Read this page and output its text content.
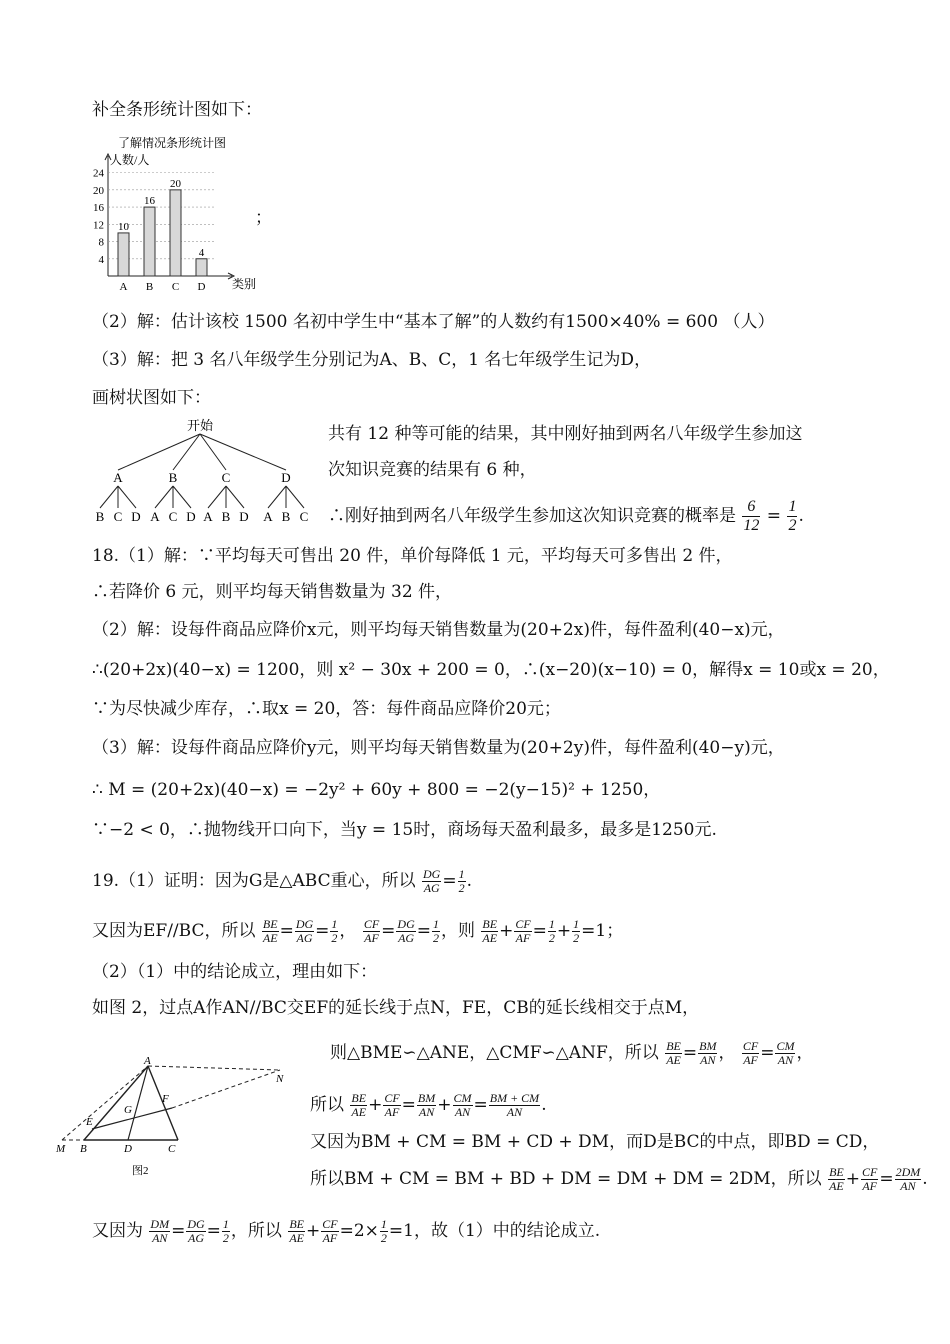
补全条形统计图如下：
了解情况条形统计图
人数/人
类别
4
8
12
16
20
24
10
A
16
B
20
C
4
D
；
（2）解：估计该校 1500 名初中学生中“基本了解”的人数约有1500×40% = 600 （人）
（3）解：把 3 名八年级学生分别记为A、B、C，1 名七年级学生记为D，
画树状图如下：
开始
A
B C D
B
A C D
C
A B D
D
A B C
共有 12 种等可能的结果，其中刚好抽到两名八年级学生参加这
次知识竞赛的结果有 6 种，
∴刚好抽到两名八年级学生参加这次知识竞赛的概率是 $\frac{6}{12} = \frac{1}{2}$ .
18.（1）解：∵平均每天可售出 20 件，单价每降低 1 元，平均每天可多售出 2 件，
∴若降价 6 元，则平均每天销售数量为 32 件，
（2）解：设每件商品应降价x元，则平均每天销售数量为(20+2x)件，每件盈利(40−x)元，
∴(20+2x)(40−x) = 1200，则 x² − 30x + 200 = 0，∴(x−20)(x−10) = 0，解得x = 10或x = 20，
∵为尽快减少库存，∴取x = 20，答：每件商品应降价20元；
（3）解：设每件商品应降价y元，则平均每天销售数量为(20+2y)件，每件盈利(40−y)元，
∴ M = (20+2x)(40−x) = −2y² + 60y + 800 = −2(y−15)² + 1250，
∵−2 < 0，∴抛物线开口向下，当y = 15时，商场每天盈利最多，最多是1250元.
19.（1）证明：因为G是△ABC重心，所以 $\frac{DG}{AG} = \frac{1}{2}$ .
又因为EF//BC，所以 $\frac{BE}{AE} = \frac{DG}{AG} = \frac{1}{2}$ ， $\frac{CF}{AF} = \frac{DG}{AG} = \frac{1}{2}$ ，则 $\frac{BE}{AE} + \frac{CF}{AF} = \frac{1}{2} + \frac{1}{2} =1$；
（2）（1）中的结论成立，理由如下：
如图 2，过点A作AN//BC交EF的延长线于点N，FE，CB的延长线相交于点M，
A
N
F
G
E
M B	D	C
图2
则△BME∽△ANE，△CMF∽△ANF，所以 $\frac{BE}{AE} = \frac{BM}{AN}$ ， $\frac{CF}{AF} = \frac{CM}{AN}$ ，
所以 $\frac{BE}{AE} + \frac{CF}{AF} = \frac{BM}{AN} + \frac{CM}{AN} = \frac{BM + CM}{AN}$ .
又因为BM + CM = BM + CD + DM，而D是BC的中点，即BD = CD，
所以BM + CM = BM + BD + DM = DM + DM = 2DM，所以 $\frac{BE}{AE} + \frac{CF}{AF} = \frac{2DM}{AN}$ .
又因为 $\frac{DM}{AN} = \frac{DG}{AG} = \frac{1}{2}$ ，所以 $\frac{BE}{AE} + \frac{CF}{AF} =2\times \frac{1}{2} =1$，故（1）中的结论成立.
